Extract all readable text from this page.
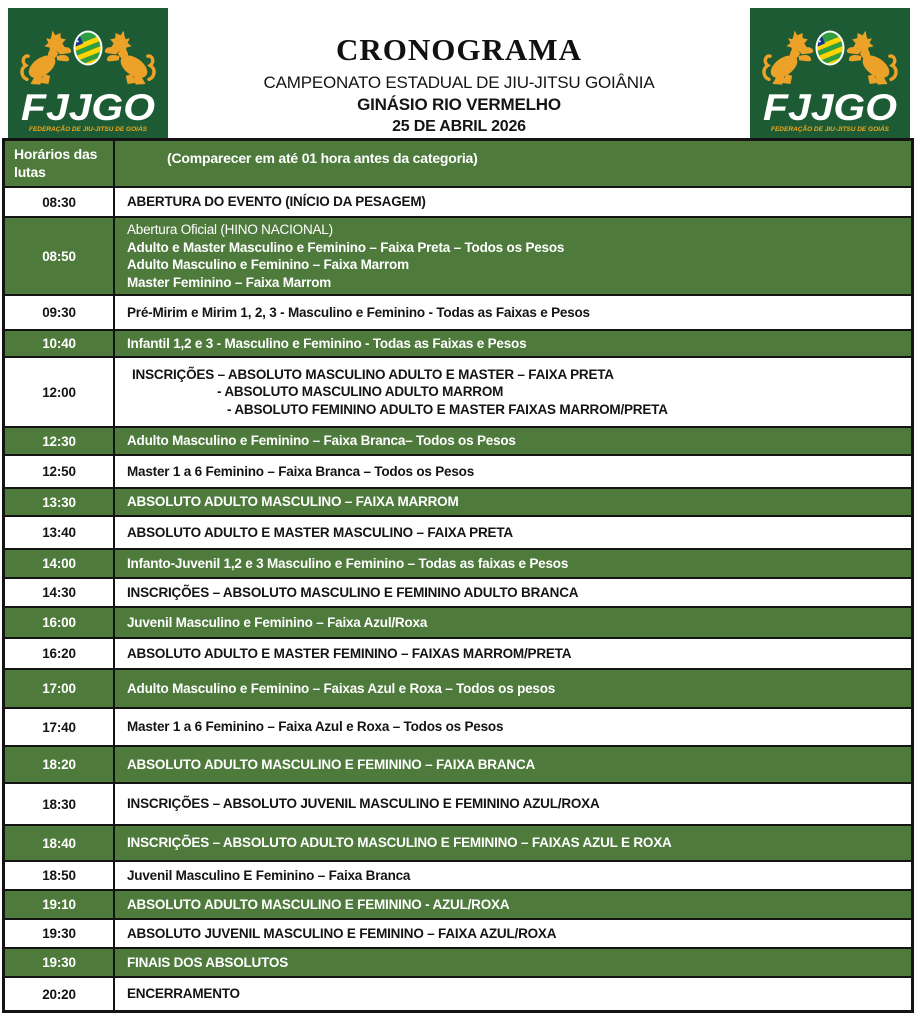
FJJGO
FEDERAÇÃO DE JIU-JITSU DE GOIÁS
CRONOGRAMA
CAMPEONATO ESTADUAL DE JIU-JITSU GOIÂNIA
GINÁSIO RIO VERMELHO
25 DE ABRIL 2026	FJJGO
FEDERAÇÃO DE JIU-JITSU DE GOIÁS
Horários das lutas
(Comparecer em até 01 hora antes da categoria)
08:30	ABERTURA DO EVENTO (INÍCIO DA PESAGEM)
08:50
Abertura Oficial (HINO NACIONAL)
Adulto e Master Masculino e Feminino – Faixa Preta – Todos os Pesos
Adulto Masculino e Feminino – Faixa Marrom
Master Feminino – Faixa Marrom
09:30	Pré-Mirim e Mirim 1, 2, 3 - Masculino e Feminino - Todas as Faixas e Pesos
10:40	Infantil 1,2 e 3 - Masculino e Feminino - Todas as Faixas e Pesos
12:00
INSCRIÇÕES – ABSOLUTO MASCULINO ADULTO E MASTER – FAIXA PRETA
- ABSOLUTO MASCULINO ADULTO MARROM
- ABSOLUTO FEMININO ADULTO E MASTER FAIXAS MARROM/PRETA
12:30	Adulto Masculino e Feminino – Faixa Branca– Todos os Pesos
12:50	Master 1 a 6 Feminino – Faixa Branca – Todos os Pesos
13:30	ABSOLUTO ADULTO MASCULINO – FAIXA MARROM
13:40	ABSOLUTO ADULTO E MASTER MASCULINO – FAIXA PRETA
14:00	Infanto-Juvenil 1,2 e 3 Masculino e Feminino – Todas as faixas e Pesos
14:30	INSCRIÇÕES – ABSOLUTO MASCULINO E FEMININO ADULTO BRANCA
16:00	Juvenil Masculino e Feminino – Faixa Azul/Roxa
16:20	ABSOLUTO ADULTO E MASTER FEMININO – FAIXAS MARROM/PRETA
17:00	Adulto Masculino e Feminino – Faixas Azul e Roxa – Todos os pesos
17:40	Master 1 a 6 Feminino – Faixa Azul e Roxa – Todos os Pesos
18:20	ABSOLUTO ADULTO MASCULINO E FEMININO – FAIXA BRANCA
18:30	INSCRIÇÕES – ABSOLUTO JUVENIL MASCULINO E FEMININO AZUL/ROXA
18:40	INSCRIÇÕES – ABSOLUTO ADULTO MASCULINO E FEMININO – FAIXAS AZUL E ROXA
18:50	Juvenil Masculino E Feminino – Faixa Branca
19:10	ABSOLUTO ADULTO MASCULINO E FEMININO - AZUL/ROXA
19:30	ABSOLUTO JUVENIL MASCULINO E FEMININO – FAIXA AZUL/ROXA
19:30	FINAIS DOS ABSOLUTOS
20:20	ENCERRAMENTO
